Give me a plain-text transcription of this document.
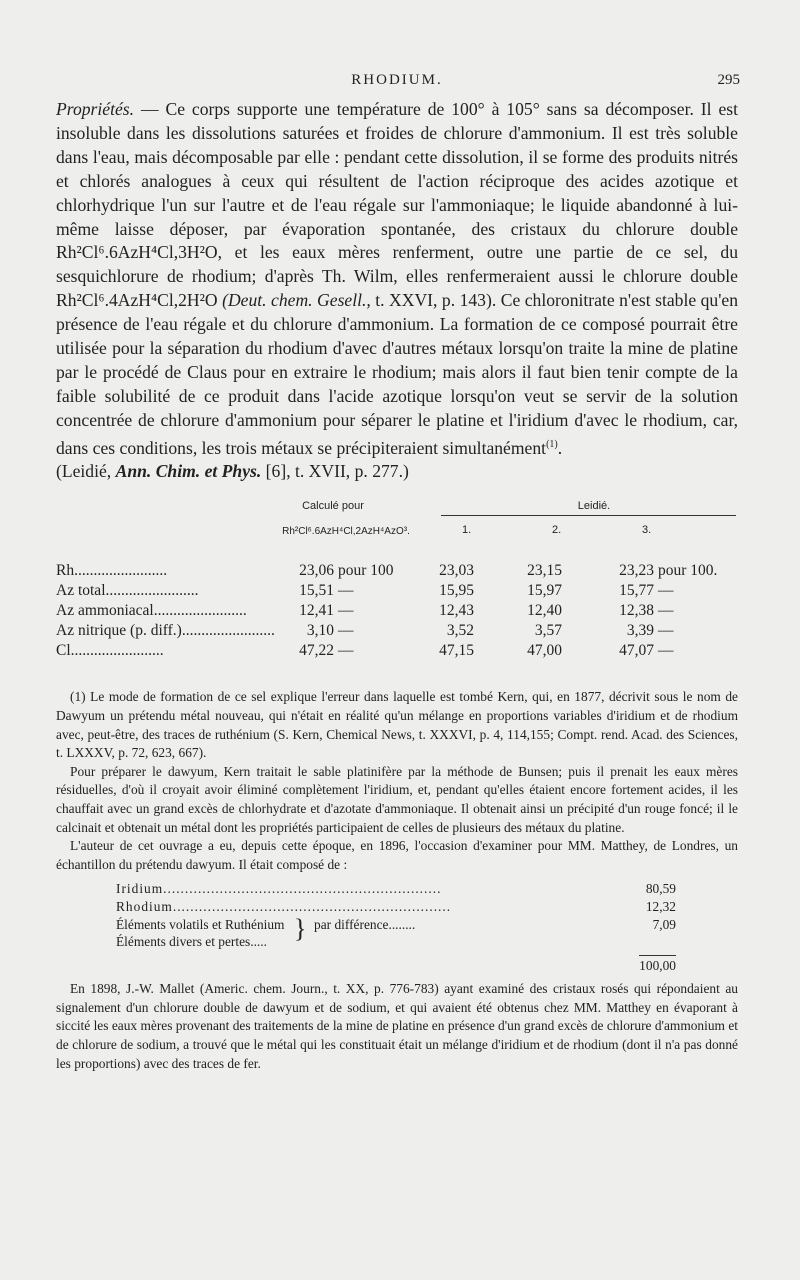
RHODIUM.	295

Propriétés. — Ce corps supporte une température de 100° à 105° sans sa décomposer. Il est insoluble dans les dissolutions saturées et froides de chlorure d'ammonium. Il est très soluble dans l'eau, mais décomposable par elle : pendant cette dissolution, il se forme des produits nitrés et chlorés analogues à ceux qui résultent de l'action réciproque des acides azotique et chlorhydrique l'un sur l'autre et de l'eau régale sur l'ammoniaque; le liquide abandonné à lui-même laisse déposer, par évaporation spontanée, des cristaux du chlorure double Rh²Cl⁶.6AzH⁴Cl,3H²O, et les eaux mères renferment, outre une partie de ce sel, du sesquichlorure de rhodium; d'après Th. Wilm, elles renfermeraient aussi le chlorure double Rh²Cl⁶.4AzH⁴Cl,2H²O (Deut. chem. Gesell., t. XXVI, p. 143). Ce chloronitrate n'est stable qu'en présence de l'eau régale et du chlorure d'ammonium. La formation de ce composé pourrait être utilisée pour la séparation du rhodium d'avec d'autres métaux lorsqu'on traite la mine de platine par le procédé de Claus pour en extraire le rhodium; mais alors il faut bien tenir compte de la faible solubilité de ce produit dans l'acide azotique lorsqu'on veut se servir de la solution concentrée de chlorure d'ammonium pour séparer le platine et l'iridium d'avec le rhodium, car, dans ces conditions, les trois métaux se précipiteraient simultanément$^{(1)}$.
(Leidié, Ann. Chim. et Phys. [6], t. XVII, p. 277.)

Calculé pour
Rh²Cl⁶.6AzH⁴Cl,2AzH⁴AzO³.
Leidié.
1.	2.	3.
Rh........................	23,06 pour 100	23,03	23,15	23,23 pour 100.
Az total........................	15,51 —	15,95	15,97	15,77 —
Az ammoniacal........................	12,41 —	12,43	12,40	12,38 —
Az nitrique (p. diff.)........................	3,10 —	3,52	3,57	3,39 —
Cl........................	47,22 —	47,15	47,00	47,07 —

(1) Le mode de formation de ce sel explique l'erreur dans laquelle est tombé Kern, qui, en 1877, décrivit sous le nom de Dawyum un prétendu métal nouveau, qui n'était en réalité qu'un mélange en proportions variables d'iridium et de rhodium avec, peut-être, des traces de ruthénium (S. Kern, Chemical News, t. XXXVI, p. 4, 114,155; Compt. rend. Acad. des Sciences, t. LXXXV, p. 72, 623, 667).

Pour préparer le dawyum, Kern traitait le sable platinifère par la méthode de Bunsen; puis il prenait les eaux mères résiduelles, d'où il croyait avoir éliminé complètement l'iridium, et, pendant qu'elles étaient encore fortement acides, il les chauffait avec un grand excès de chlorhydrate et d'azotate d'ammoniaque. Il obtenait ainsi un précipité d'un rouge foncé; il le calcinait et obtenait un métal dont les propriétés participaient de celles de plusieurs des métaux du platine.

L'auteur de cet ouvrage a eu, depuis cette époque, en 1896, l'occasion d'examiner pour MM. Matthey, de Londres, un échantillon du prétendu dawyum. Il était composé de :

Iridium................................................................	80,59
Rhodium................................................................	12,32
Éléments volatils et Ruthénium
Éléments divers et pertes..... } par différence........	7,09
100,00

En 1898, J.-W. Mallet (Americ. chem. Journ., t. XX, p. 776-783) ayant examiné des cristaux rosés qui répondaient au signalement d'un chlorure double de dawyum et de sodium, et qui avaient été obtenus chez MM. Matthey en évaporant à siccité les eaux mères provenant des traitements de la mine de platine en présence d'un grand excès de chlorure d'ammonium et de chlorure de sodium, a trouvé que le métal qui les constituait était un mélange d'iridium et de rhodium (dont il n'a pas donné les proportions) avec des traces de fer.
